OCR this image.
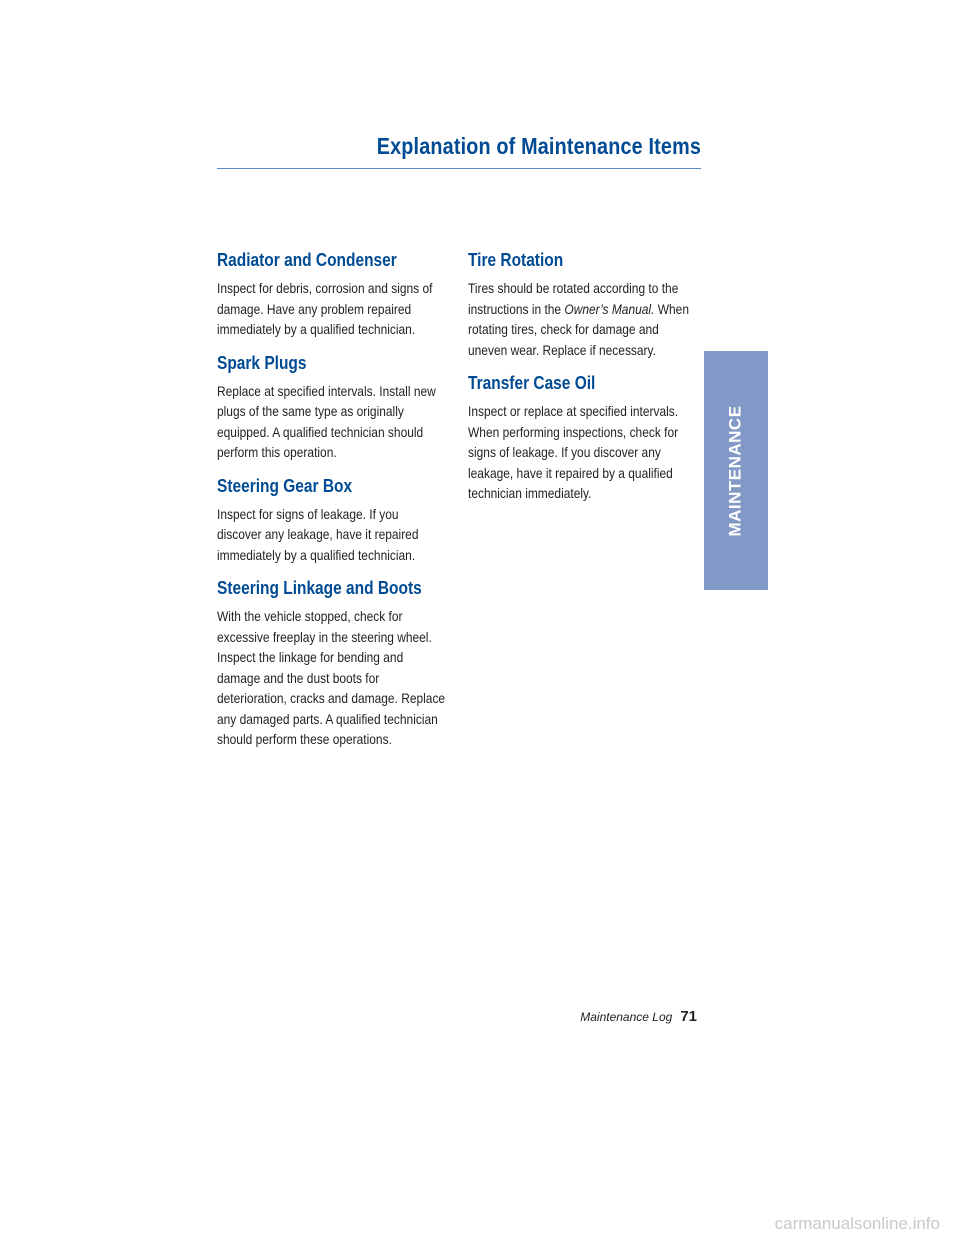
Explanation of Maintenance Items
Radiator and Condenser

Inspect for debris, corrosion and signs of
damage. Have any problem repaired
immediately by a qualified technician.

Spark Plugs

Replace at specified intervals. Install new
plugs of the same type as originally
equipped. A qualified technician should
perform this operation.

Steering Gear Box

Inspect for signs of leakage. If you
discover any leakage, have it repaired
immediately by a qualified technician.

Steering Linkage and Boots

With the vehicle stopped, check for
excessive freeplay in the steering wheel.
Inspect the linkage for bending and
damage and the dust boots for
deterioration, cracks and damage. Replace
any damaged parts. A qualified technician
should perform these operations.

Tire Rotation

Tires should be rotated according to the
instructions in the Owner’s Manual. When
rotating tires, check for damage and
uneven wear. Replace if necessary.

Transfer Case Oil

Inspect or replace at specified intervals.
When performing inspections, check for
signs of leakage. If you discover any
leakage, have it repaired by a qualified
technician immediately.	MAINTENANCE
Maintenance Log 71
carmanualsonline.info
